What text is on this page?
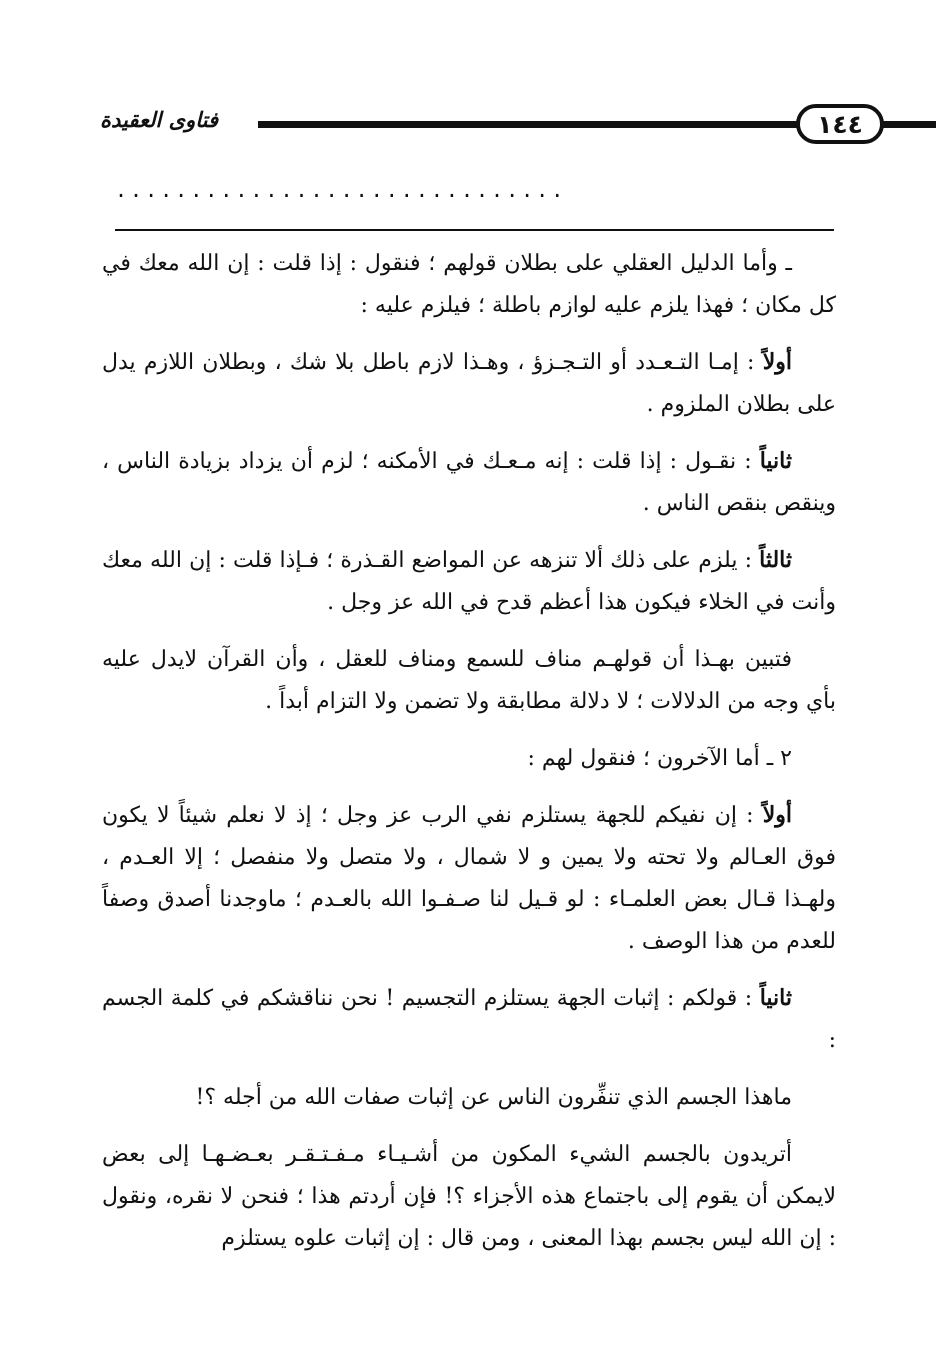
فتاوى العقيدة	١٤٤
..............................

ـ وأما الدليل العقلي على بطلان قولهم ؛ فنقول : إذا قلت : إن الله معك في كل مكان ؛ فهذا يلزم عليه لوازم باطلة ؛ فيلزم عليه :

أولاً : إمـا التـعـدد أو التـجـزؤ ، وهـذا لازم باطل بلا شك ، وبطلان اللازم يدل على بطلان الملزوم .

ثانياً : نقـول : إذا قلت : إنه مـعـك في الأمكنه ؛ لزم أن يزداد بزيادة الناس ، وينقص بنقص الناس .

ثالثاً : يلزم على ذلك ألا تنزهه عن المواضع القـذرة ؛ فـإذا قلت : إن الله معك وأنت في الخلاء فيكون هذا أعظم قدح في الله عز وجل .

فتبين بهـذا أن قولهـم مناف للسمع ومناف للعقل ، وأن القرآن لايدل عليه بأي وجه من الدلالات ؛ لا دلالة مطابقة ولا تضمن ولا التزام أبداً .

٢ ـ أما الآخرون ؛ فنقول لهم :

أولاً : إن نفيكم للجهة يستلزم نفي الرب عز وجل ؛ إذ لا نعلم شيئاً لا يكون فوق العـالم ولا تحته ولا يمين و لا شمال ، ولا متصل ولا منفصل ؛ إلا العـدم ، ولهـذا قـال بعض العلمـاء : لو قـيل لنا صـفـوا الله بالعـدم ؛ ماوجدنا أصدق وصفاً للعدم من هذا الوصف .

ثانياً : قولكم : إثبات الجهة يستلزم التجسيم ! نحن نناقشكم في كلمة الجسم :

ماهذا الجسم الذي تنفِّرون الناس عن إثبات صفات الله من أجله ؟!

أتريدون بالجسم الشيء المكون من أشـيـاء مـفـتـقـر بعـضـهـا إلى بعض لايمكن أن يقوم إلى باجتماع هذه الأجزاء ؟! فإن أردتم هذا ؛ فنحن لا نقره، ونقول : إن الله ليس بجسم بهذا المعنى ، ومن قال : إن إثبات علوه يستلزم
